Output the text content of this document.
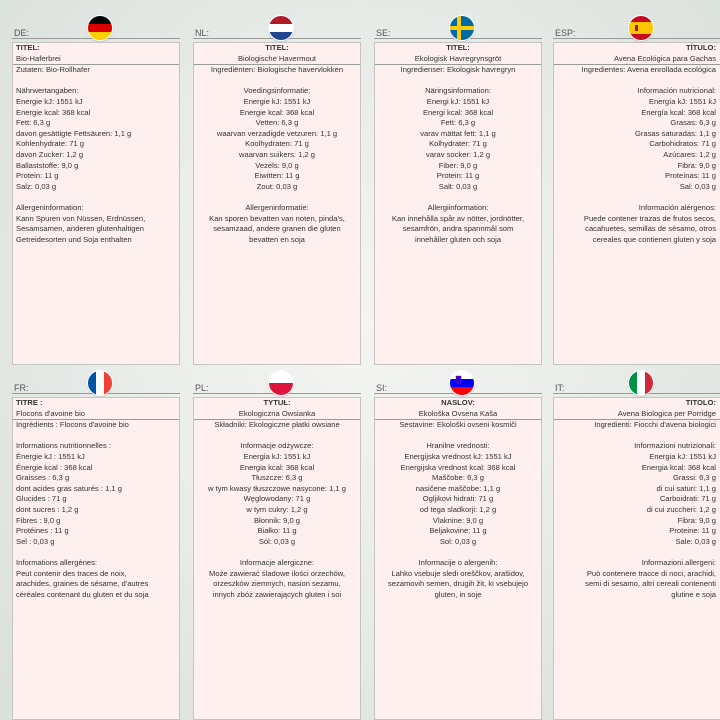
DE:
TITEL:
Bio-Haferbrei
Zutaten: Bio-Rollhafer
Nährwertangaben:
Energie kJ: 1551 kJ
Energie kcal: 368 kcal
Fett: 6,3 g
davon gesättigte Fettsäuren: 1,1 g
Kohlenhydrate: 71 g
davon Zucker: 1,2 g
Ballaststoffe: 9,0 g
Protein: 11 g
Salz: 0,03 g
Allergeninformation:
Kann Spuren von Nüssen, Erdnüssen,
Sesamsamen, anderen glutenhaltigen
Getreidesorten und Soja enthalten
NL:
TITEL:
Biologische Havermout
Ingrediënten: Biologische havervlokken
Voedingsinformatie:
Energie kJ: 1551 kJ
Energie kcal: 368 kcal
Vetten: 6,3 g
waarvan verzadigde vetzuren: 1,1 g
Koolhydraten: 71 g
waarvan suikers: 1,2 g
Vezels: 9,0 g
Eiwitten: 11 g
Zout: 0,03 g
Allergeninformatie:
Kan sporen bevatten van noten, pinda's,
sesamzaad, andere granen die gluten
bevatten en soja
SE:
TITEL:
Ekologisk Havregrynsgröt
Ingredienser: Ekologisk havregryn
Näringsinformation:
Energi kJ: 1551 kJ
Energi kcal: 368 kcal
Fett: 6,3 g
varav mättat fett: 1,1 g
Kolhydrater: 71 g
varav socker: 1,2 g
Fiber: 9,0 g
Protein: 11 g
Salt: 0,03 g
Allergiinformation:
Kan innehålla spår av nötter, jordnötter,
sesamfrön, andra spannmål som
innehåller gluten och soja
ESP:
TÍTULO:
Avena Ecológica para Gachas
Ingredientes: Avena enrollada ecológica
Información nutricional:
Energía kJ: 1551 kJ
Energía kcal: 368 kcal
Grasas: 6,3 g
Grasas saturadas: 1,1 g
Carbohidratos: 71 g
Azúcares: 1,2 g
Fibra: 9,0 g
Proteínas: 11 g
Sal: 0,03 g
Información alérgenos:
Puede contener trazas de frutos secos,
cacahuetes, semillas de sésamo, otros
cereales que contienen gluten y soja
FR:
TITRE :
Flocons d'avoine bio
Ingrédients : Flocons d'avoine bio
Informations nutritionnelles :
Énergie kJ : 1551 kJ
Énergie kcal : 368 kcal
Graisses : 6,3 g
dont acides gras saturés : 1,1 g
Glucides : 71 g
dont sucres : 1,2 g
Fibres : 9,0 g
Protéines : 11 g
Sel : 0,03 g
Informations allergènes:
Peut contenir des traces de noix,
arachides, graines de sésame, d'autres
céréales contenant du gluten et du soja
PL:
TYTUŁ:
Ekologiczna Owsianka
Składniki: Ekologiczne płatki owsiane
Informacje odżywcze:
Energia kJ: 1551 kJ
Energia kcal: 368 kcal
Tłuszcze: 6,3 g
w tym kwasy tłuszczowe nasycone: 1,1 g
Węglowodany: 71 g
w tym cukry: 1,2 g
Błonnik: 9,0 g
Białko: 11 g
Sól: 0,03 g
Informacje alergiczne:
Może zawierać śladowe ilości orzechów,
orzeszków ziemnych, nasion sezamu,
innych zbóż zawierających gluten i soi
SI:
NASLOV:
Ekološka Ovsena Kaša
Sestavine: Ekološki ovseni kosmiči
Hranilne vrednosti:
Energijska vrednost kJ: 1551 kJ
Energijska vrednost kcal: 368 kcal
Maščobe: 6,3 g
nasičene maščobe: 1,1 g
Ogljikovi hidrati: 71 g
od tega sladkorji: 1,2 g
Vlaknine: 9,0 g
Beljakovine: 11 g
Sol: 0,03 g
Informacije o alergenih:
Lahko vsebuje sledi oreščkov, arašidov,
sezamovih semen, drugih žit, ki vsebujejo
gluten, in soje
IT:
TITOLO:
Avena Biologica per Porridge
Ingredienti: Fiocchi d'avena biologici
Informazioni nutrizionali:
Energia kJ: 1551 kJ
Energia kcal: 368 kcal
Grassi: 6,3 g
di cui saturi: 1,1 g
Carboidrati: 71 g
di cui zuccheri: 1,2 g
Fibra: 9,0 g
Proteine: 11 g
Sale: 0,03 g
Informazioni allergeni:
Può contenere tracce di noci, arachidi,
semi di sesamo, altri cereali contenenti
glutine e soja
